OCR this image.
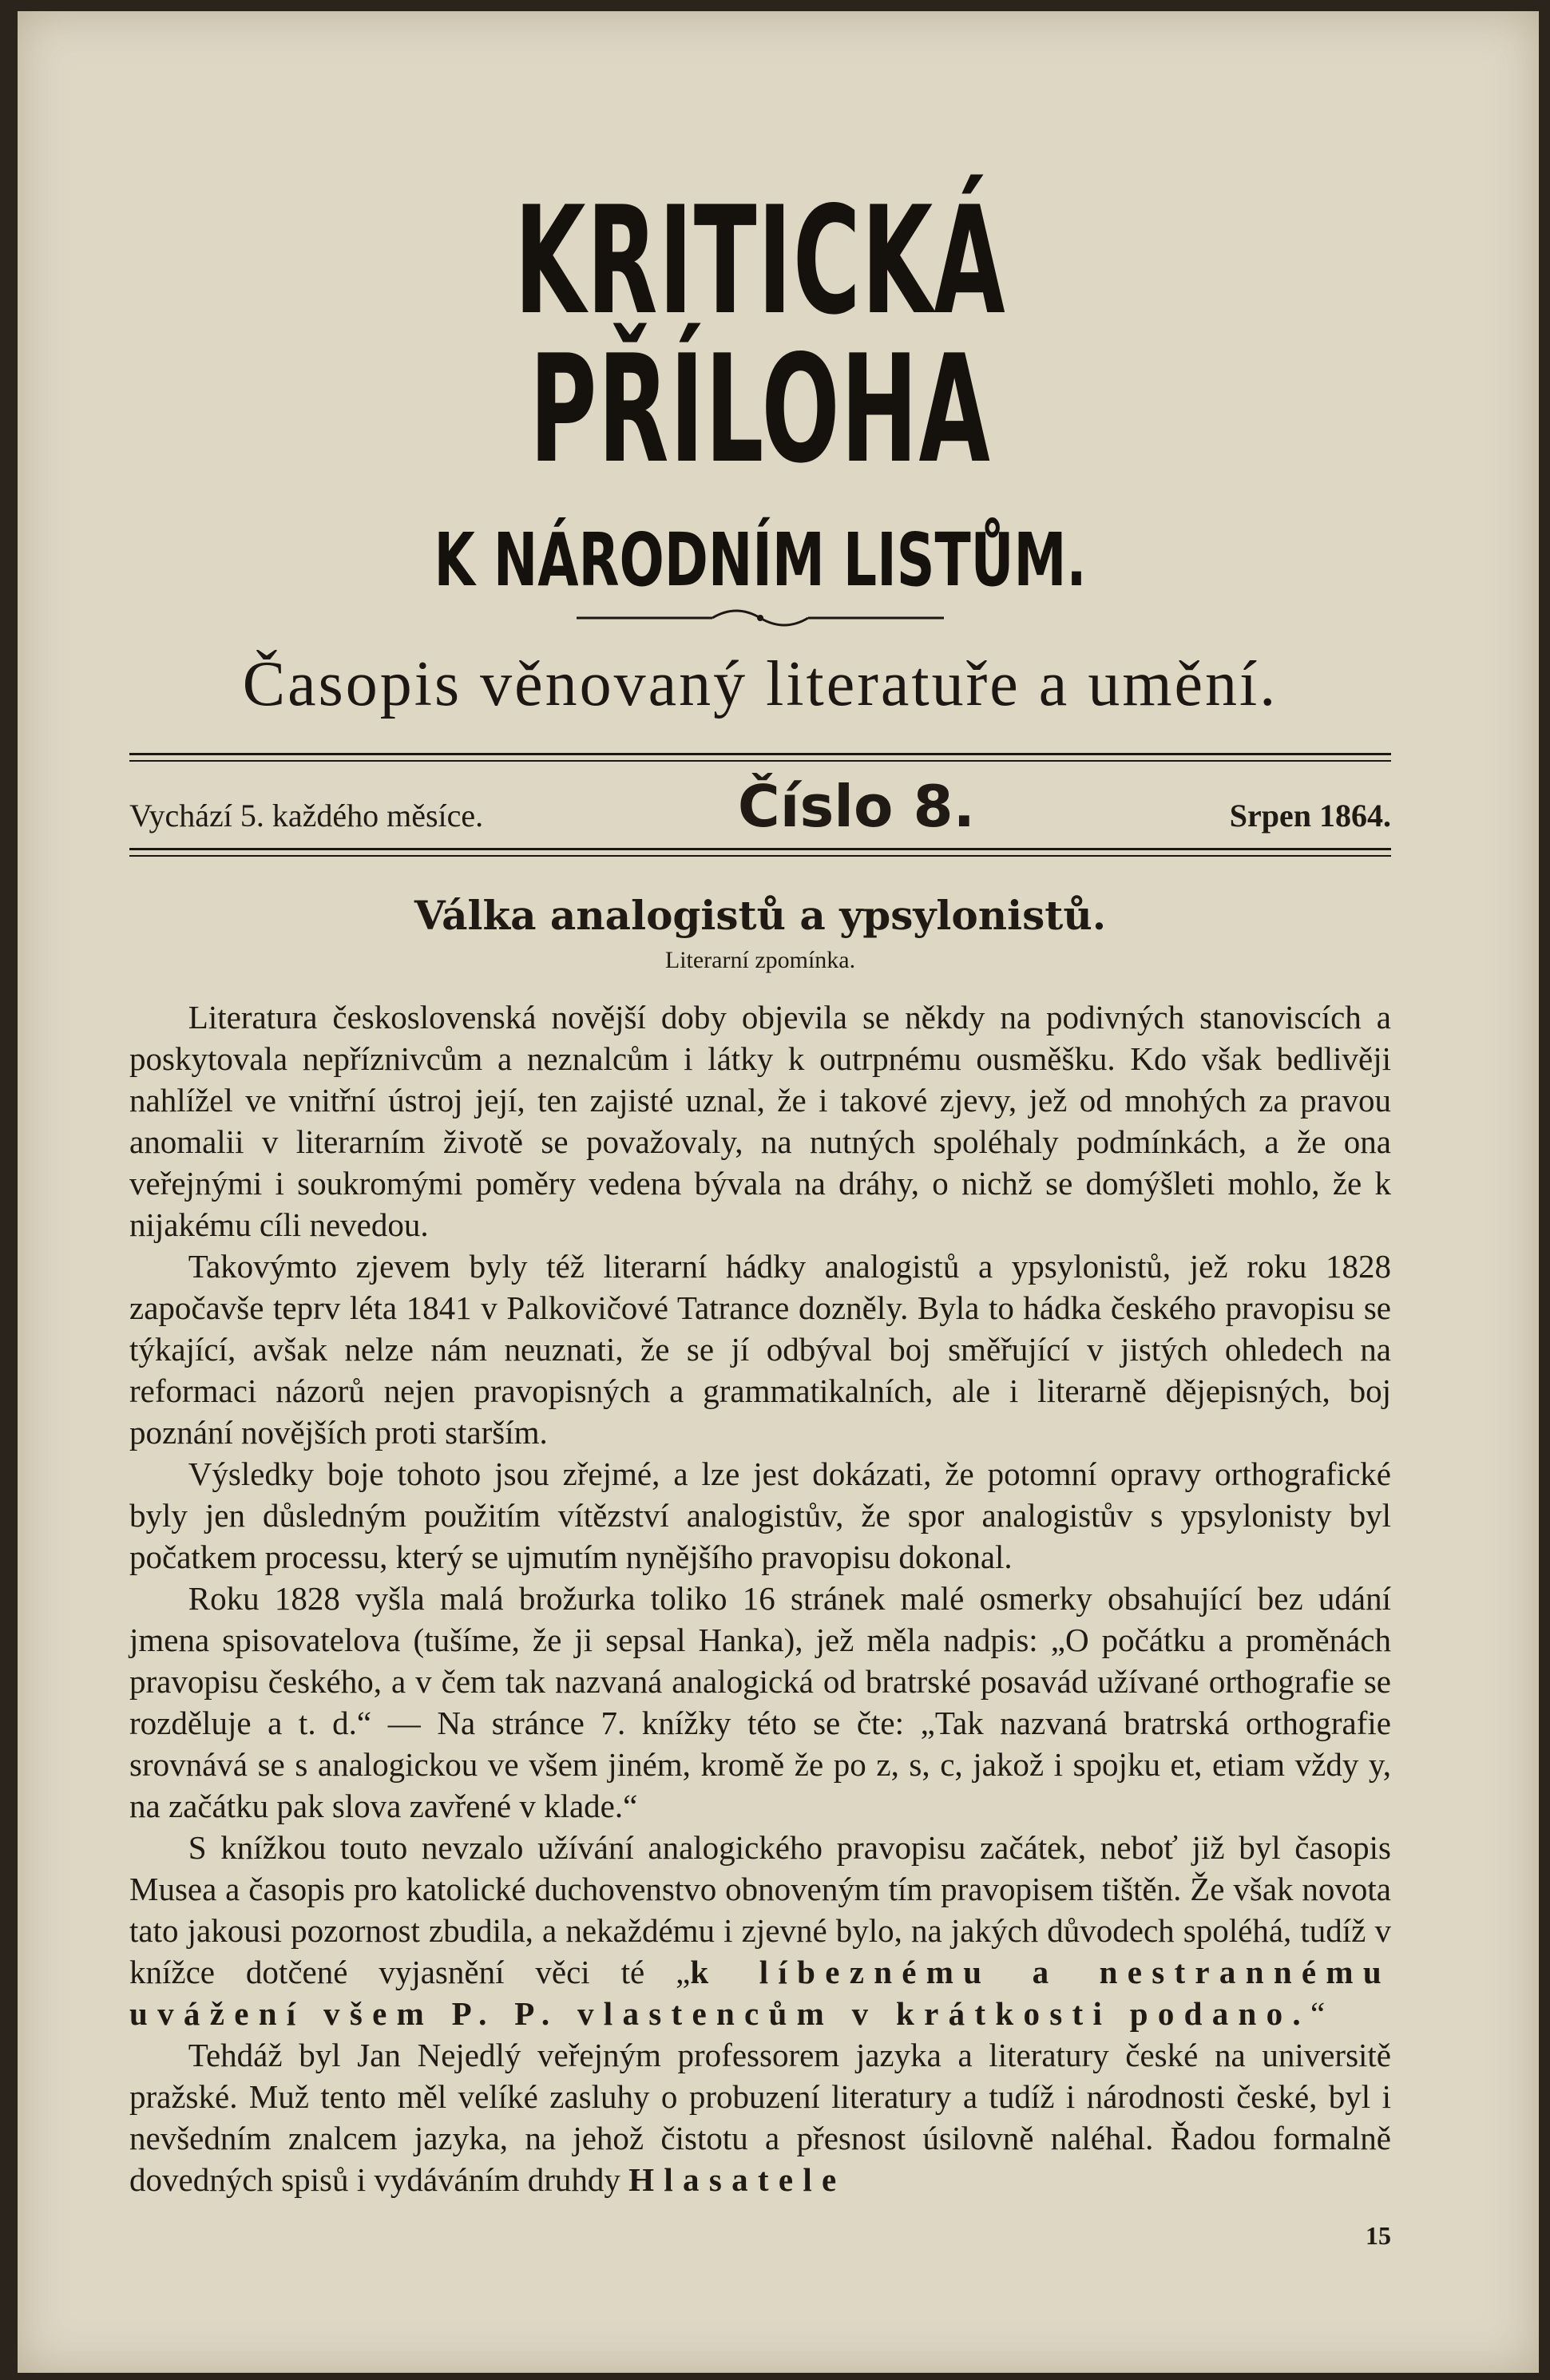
KRITICKÁ PŘÍLOHA
K NÁRODNÍM LISTŮM.
Časopis věnovaný literatuře a umění.
Vychází 5. každého měsíce.	Číslo 8.	Srpen 1864.
Válka analogistů a ypsylonistů.
Literarní zpomínka.

Literatura československá novější doby objevila se někdy na podivných stanoviscích a poskytovala nepříznivcům a neznalcům i látky k outrpnému ousměšku. Kdo však bedlivěji nahlížel ve vnitřní ústroj její, ten zajisté uznal, že i takové zjevy, jež od mnohých za pravou anomalii v literarním životě se považovaly, na nutných spoléhaly podmínkách, a že ona veřejnými i soukromými poměry vedena bývala na dráhy, o nichž se domýšleti mohlo, že k nijakému cíli nevedou.

Takovýmto zjevem byly též literarní hádky analogistů a ypsylonistů, jež roku 1828 započavše teprv léta 1841 v Palkovičové Tatrance dozněly. Byla to hádka českého pravopisu se týkající, avšak nelze nám neuznati, že se jí odbýval boj směřující v jistých ohledech na reformaci názorů nejen pravopisných a grammatikalních, ale i literarně dějepisných, boj poznání novějších proti starším.

Výsledky boje tohoto jsou zřejmé, a lze jest dokázati, že potomní opravy orthografické byly jen důsledným použitím vítězství analogistův, že spor analogistův s ypsylonisty byl počatkem processu, který se ujmutím nynějšího pravopisu dokonal.

Roku 1828 vyšla malá brožurka toliko 16 stránek malé osmerky obsahující bez udání jmena spisovatelova (tušíme, že ji sepsal Hanka), jež měla nadpis: „O počátku a proměnách pravopisu českého, a v čem tak nazvaná analogická od bratrské posavád užívané orthografie se rozděluje a t. d.“ — Na stránce 7. knížky této se čte: „Tak nazvaná bratrská orthografie srovnává se s analogickou ve všem jiném, kromě že po z, s, c, jakož i spojku et, etiam vždy y, na začátku pak slova zavřené v klade.“

S knížkou touto nevzalo užívání analogického pravopisu začátek, neboť již byl časopis Musea a časopis pro katolické duchovenstvo obnoveným tím pravopisem tištěn. Že však novota tato jakousi pozornost zbudila, a nekaždému i zjevné bylo, na jakých důvodech spoléhá, tudíž v knížce dotčené vyjasnění věci té „k líbeznému a nestrannému uvážení všem P. P. vlastencům v krátkosti podano.“

Tehdáž byl Jan Nejedlý veřejným professorem jazyka a literatury české na universitě pražské. Muž tento měl velíké zasluhy o probuzení literatury a tudíž i národnosti české, byl i nevšedním znalcem jazyka, na jehož čistotu a přesnost úsilovně naléhal. Řadou formalně dovedných spisů i vydáváním druhdy Hlasatele

15
